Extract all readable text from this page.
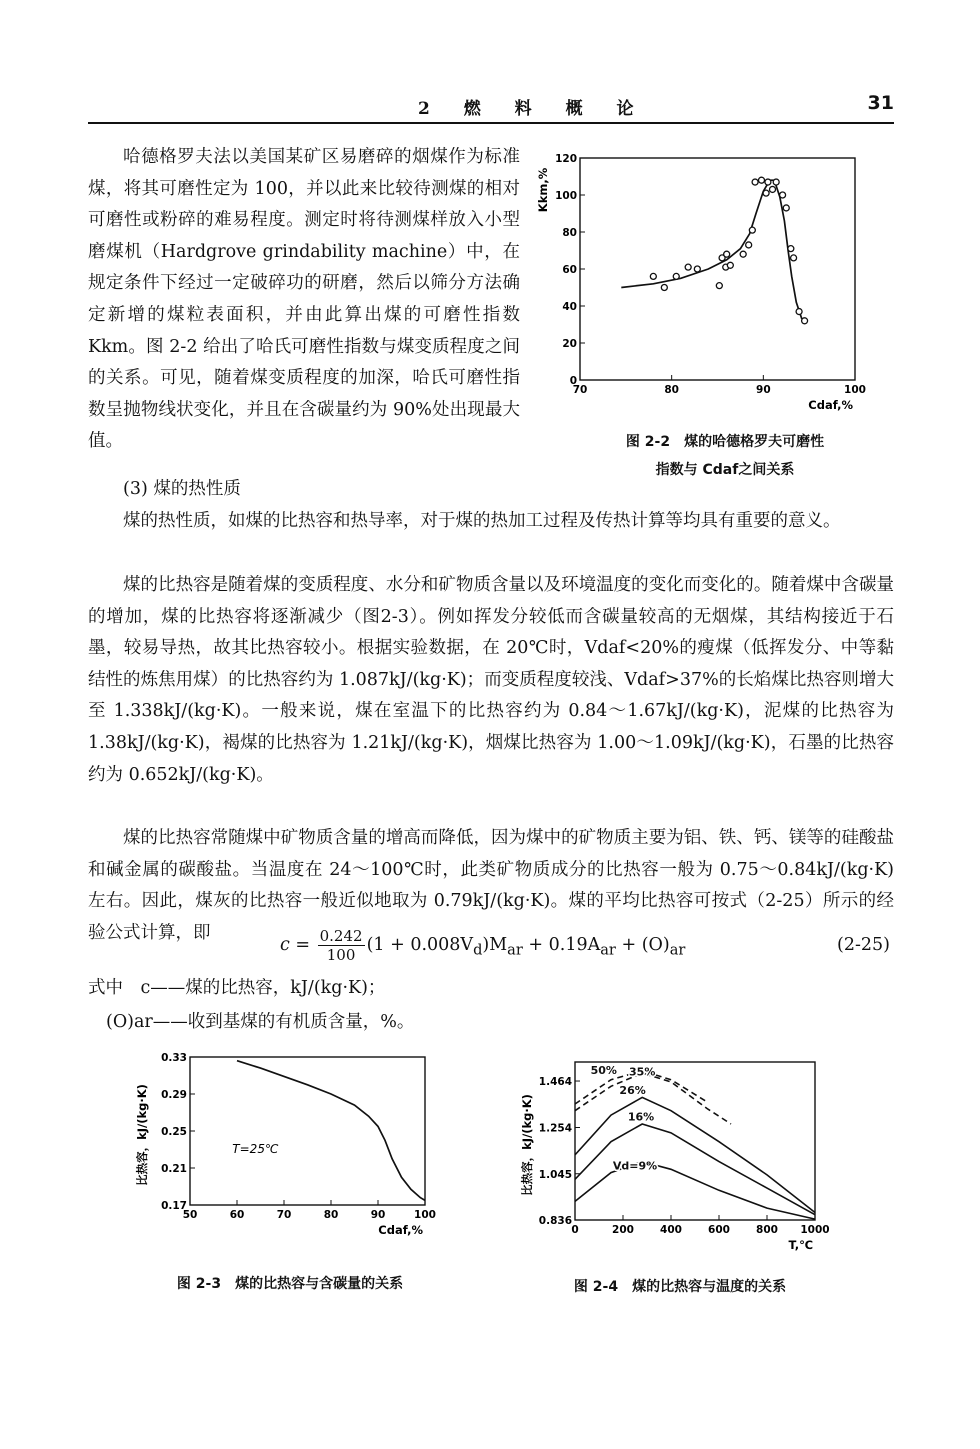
2 燃 料 概 论	31
哈德格罗夫法以美国某矿区易磨碎的烟煤作为标准煤，将其可磨性定为 100，并以此来比较待测煤的相对可磨性或粉碎的难易程度。测定时将待测煤样放入小型磨煤机（Hardgrove grindability machine）中，在规定条件下经过一定破碎功的研磨，然后以筛分方法确定新增的煤粒表面积，并由此算出煤的可磨性指数 Kkm。图 2-2 给出了哈氏可磨性指数与煤变质程度之间的关系。可见，随着煤变质程度的加深，哈氏可磨性指数呈抛物线状变化，并且在含碳量约为 90%处出现最大值。
70	80	90	100
0
20
40
60
80
100
120
Cdaf,%
Kkm,%
图 2-2　煤的哈德格罗夫可磨性
指数与 Cdaf之间关系
(3) 煤的热性质
煤的热性质，如煤的比热容和热导率，对于煤的热加工过程及传热计算等均具有重要的意义。
煤的比热容是随着煤的变质程度、水分和矿物质含量以及环境温度的变化而变化的。随着煤中含碳量的增加，煤的比热容将逐渐减少（图2-3）。例如挥发分较低而含碳量较高的无烟煤，其结构接近于石墨，较易导热，故其比热容较小。根据实验数据，在 20℃时，Vdaf<20%的瘦煤（低挥发分、中等黏结性的炼焦用煤）的比热容约为 1.087kJ/(kg·K)；而变质程度较浅、Vdaf>37%的长焰煤比热容则增大至 1.338kJ/(kg·K)。一般来说，煤在室温下的比热容约为 0.84～1.67kJ/(kg·K)，泥煤的比热容为 1.38kJ/(kg·K)，褐煤的比热容为 1.21kJ/(kg·K)，烟煤比热容为 1.00～1.09kJ/(kg·K)，石墨的比热容约为 0.652kJ/(kg·K)。
煤的比热容常随煤中矿物质含量的增高而降低，因为煤中的矿物质主要为铝、铁、钙、镁等的硅酸盐和碱金属的碳酸盐。当温度在 24～100℃时，此类矿物质成分的比热容一般为 0.75～0.84kJ/(kg·K) 左右。因此，煤灰的比热容一般近似地取为 0.79kJ/(kg·K)。煤的平均比热容可按式（2-25）所示的经验公式计算，即
$c = \frac{0.242}{100} (1 + 0.008V_d)M_{ar} + 0.19A_{ar} + (O)_{ar}$	(2-25)
式中　c——煤的比热容，kJ/(kg·K)；
(O)ar——收到基煤的有机质含量，%。
50	60	70	80	90	100
0.17
0.21
0.25
0.29
0.33
Cdaf,%
比热容，kJ/(kg·K)	T=25℃
图 2-3　煤的比热容与含碳量的关系
0	200 400 600 800 1000
0.836
1.045
1.254
1.464
T,℃
比热容，kJ/(kg·K)	Vd=9%
16%
26%
35%
50%
图 2-4　煤的比热容与温度的关系
